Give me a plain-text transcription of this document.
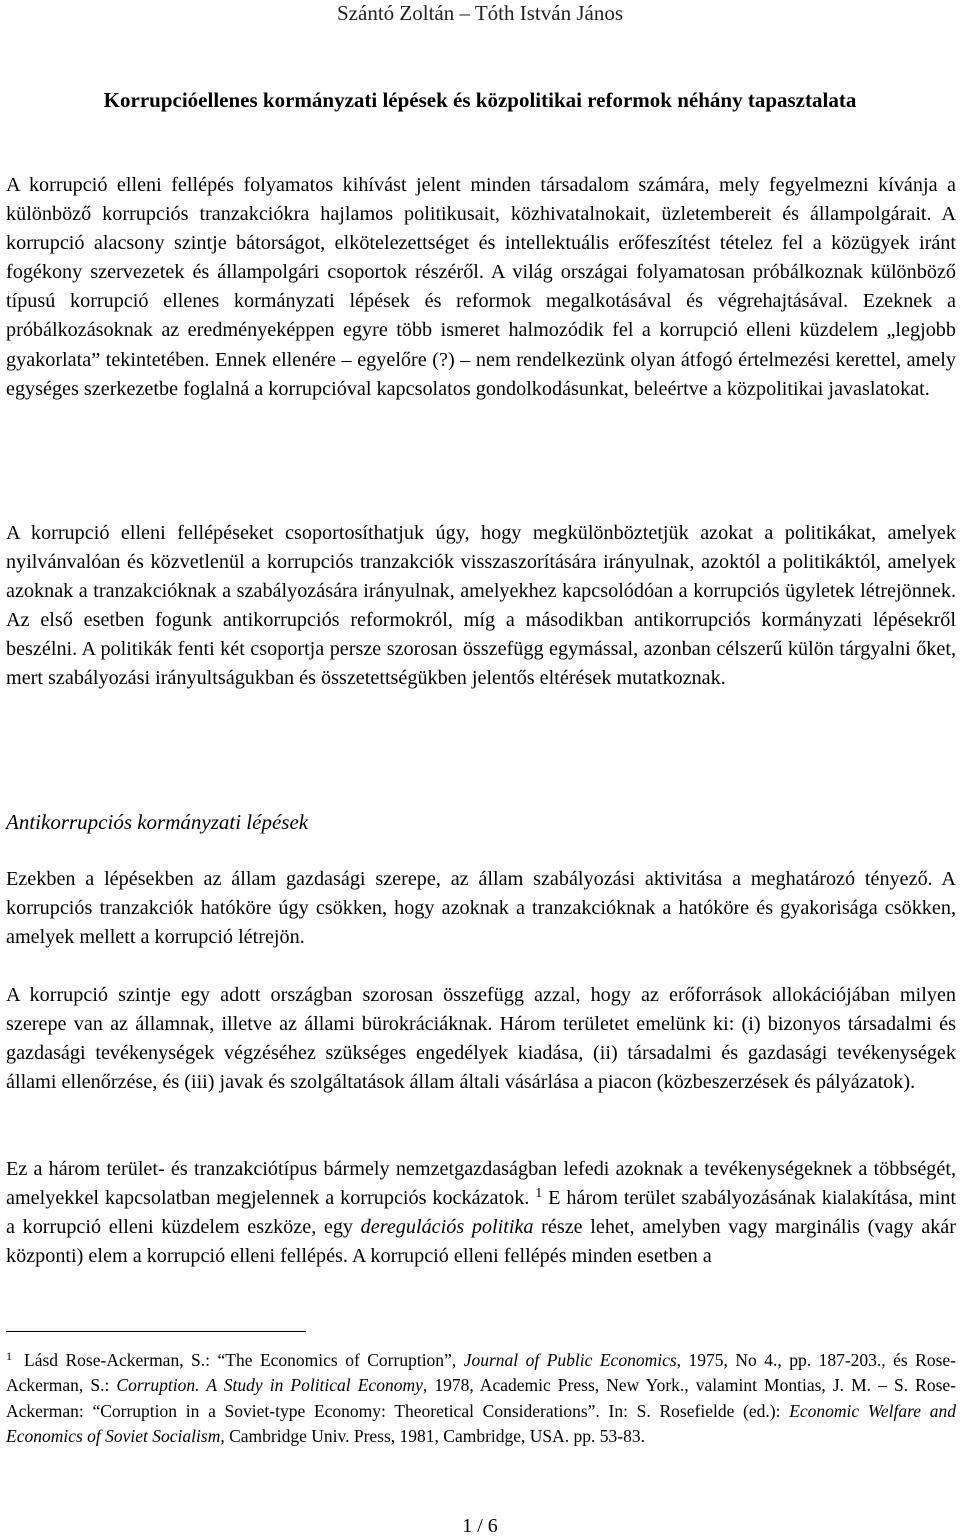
Szántó Zoltán – Tóth István János
Korrupcióellenes kormányzati lépések és közpolitikai reformok néhány tapasztalata

A korrupció elleni fellépés folyamatos kihívást jelent minden társadalom számára, mely fegyelmezni kívánja a különböző korrupciós tranzakciókra hajlamos politikusait, közhivatalnokait, üzletembereit és állampolgárait. A korrupció alacsony szintje bátorságot, elkötelezettséget és intellektuális erőfeszítést tételez fel a közügyek iránt fogékony szervezetek és állampolgári csoportok részéről. A világ országai folyamatosan próbálkoznak különböző típusú korrupció ellenes kormányzati lépések és reformok megalkotásával és végrehajtásával. Ezeknek a próbálkozásoknak az eredményeképpen egyre több ismeret halmozódik fel a korrupció elleni küzdelem „legjobb gyakorlata” tekintetében. Ennek ellenére – egyelőre (?) – nem rendelkezünk olyan átfogó értelmezési kerettel, amely egységes szerkezetbe foglalná a korrupcióval kapcsolatos gondolkodásunkat, beleértve a közpolitikai javaslatokat.

A korrupció elleni fellépéseket csoportosíthatjuk úgy, hogy megkülönböztetjük azokat a politikákat, amelyek nyilvánvalóan és közvetlenül a korrupciós tranzakciók visszaszorítására irányulnak, azoktól a politikáktól, amelyek azoknak a tranzakcióknak a szabályozására irányulnak, amelyekhez kapcsolódóan a korrupciós ügyletek létrejönnek. Az első esetben fogunk antikorrupciós reformokról, míg a másodikban antikorrupciós kormányzati lépésekről beszélni. A politikák fenti két csoportja persze szorosan összefügg egymással, azonban célszerű külön tárgyalni őket, mert szabályozási irányultságukban és összetettségükben jelentős eltérések mutatkoznak.

Antikorrupciós kormányzati lépések

Ezekben a lépésekben az állam gazdasági szerepe, az állam szabályozási aktivitása a meghatározó tényező. A korrupciós tranzakciók hatóköre úgy csökken, hogy azoknak a tranzakcióknak a hatóköre és gyakorisága csökken, amelyek mellett a korrupció létrejön.

A korrupció szintje egy adott országban szorosan összefügg azzal, hogy az erőforrások allokációjában milyen szerepe van az államnak, illetve az állami bürokráciáknak. Három területet emelünk ki: (i) bizonyos társadalmi és gazdasági tevékenységek végzéséhez szükséges engedélyek kiadása, (ii) társadalmi és gazdasági tevékenységek állami ellenőrzése, és (iii) javak és szolgáltatások állam általi vásárlása a piacon (közbeszerzések és pályázatok).

Ez a három terület- és tranzakciótípus bármely nemzetgazdaságban lefedi azoknak a tevékenységeknek a többségét, amelyekkel kapcsolatban megjelennek a korrupciós kockázatok. $^1$ E három terület szabályozásának kialakítása, mint a korrupció elleni küzdelem eszköze, egy deregulációs politika része lehet, amelyben vagy marginális (vagy akár központi) elem a korrupció elleni fellépés. A korrupció elleni fellépés minden esetben a

$^1$ Lásd Rose-Ackerman, S.: “The Economics of Corruption”, Journal of Public Economics, 1975, No 4., pp. 187-203., és Rose-Ackerman, S.: Corruption. A Study in Political Economy, 1978, Academic Press, New York., valamint Montias, J. M. – S. Rose-Ackerman: “Corruption in a Soviet-type Economy: Theoretical Considerations”. In: S. Rosefielde (ed.): Economic Welfare and Economics of Soviet Socialism, Cambridge Univ. Press, 1981, Cambridge, USA. pp. 53-83.

1 / 6
